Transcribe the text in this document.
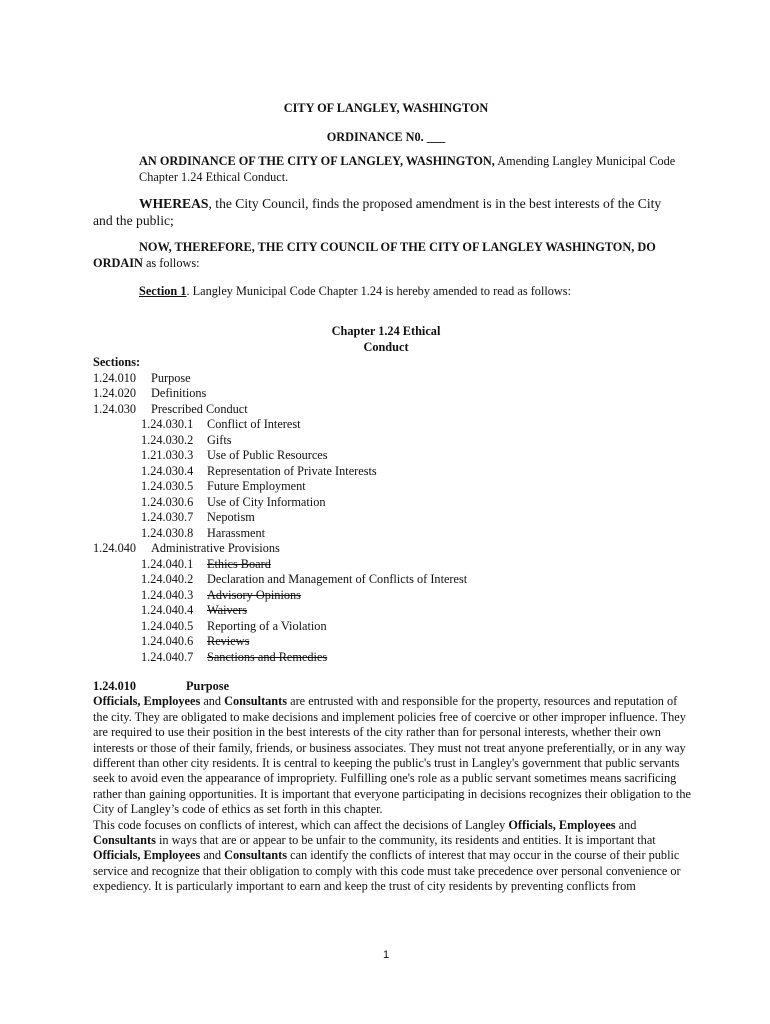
CITY OF LANGLEY, WASHINGTON
ORDINANCE N0. ___
AN ORDINANCE OF THE CITY OF LANGLEY, WASHINGTON, Amending Langley Municipal Code Chapter 1.24 Ethical Conduct.
WHEREAS, the City Council, finds the proposed amendment is in the best interests of the City and the public;
NOW, THEREFORE, THE CITY COUNCIL OF THE CITY OF LANGLEY WASHINGTON, DO ORDAIN as follows:
Section 1. Langley Municipal Code Chapter 1.24 is hereby amended to read as follows:
Chapter 1.24 Ethical
Conduct
Sections:
1.24.010 Purpose
1.24.020 Definitions
1.24.030 Prescribed Conduct
1.24.030.1 Conflict of Interest
1.24.030.2 Gifts
1.21.030.3 Use of Public Resources
1.24.030.4 Representation of Private Interests
1.24.030.5 Future Employment
1.24.030.6 Use of City Information
1.24.030.7 Nepotism
1.24.030.8 Harassment
1.24.040 Administrative Provisions
1.24.040.1 Ethics Board
1.24.040.2 Declaration and Management of Conflicts of Interest
1.24.040.3 Advisory Opinions
1.24.040.4 Waivers
1.24.040.5 Reporting of a Violation
1.24.040.6 Reviews
1.24.040.7 Sanctions and Remedies

1.24.010	Purpose

Officials, Employees and Consultants are entrusted with and responsible for the property, resources and reputation of the city. They are obligated to make decisions and implement policies free of coercive or other improper influence. They are required to use their position in the best interests of the city rather than for personal interests, whether their own interests or those of their family, friends, or business associates. They must not treat anyone preferentially, or in any way different than other city residents. It is central to keeping the public's trust in Langley's government that public servants seek to avoid even the appearance of impropriety. Fulfilling one's role as a public servant sometimes means sacrificing rather than gaining opportunities. It is important that everyone participating in decisions recognizes their obligation to the City of Langley’s code of ethics as set forth in this chapter.

This code focuses on conflicts of interest, which can affect the decisions of Langley Officials, Employees and Consultants in ways that are or appear to be unfair to the community, its residents and entities. It is important that Officials, Employees and Consultants can identify the conflicts of interest that may occur in the course of their public service and recognize that their obligation to comply with this code must take precedence over personal convenience or expediency. It is particularly important to earn and keep the trust of city residents by preventing conflicts from

1
